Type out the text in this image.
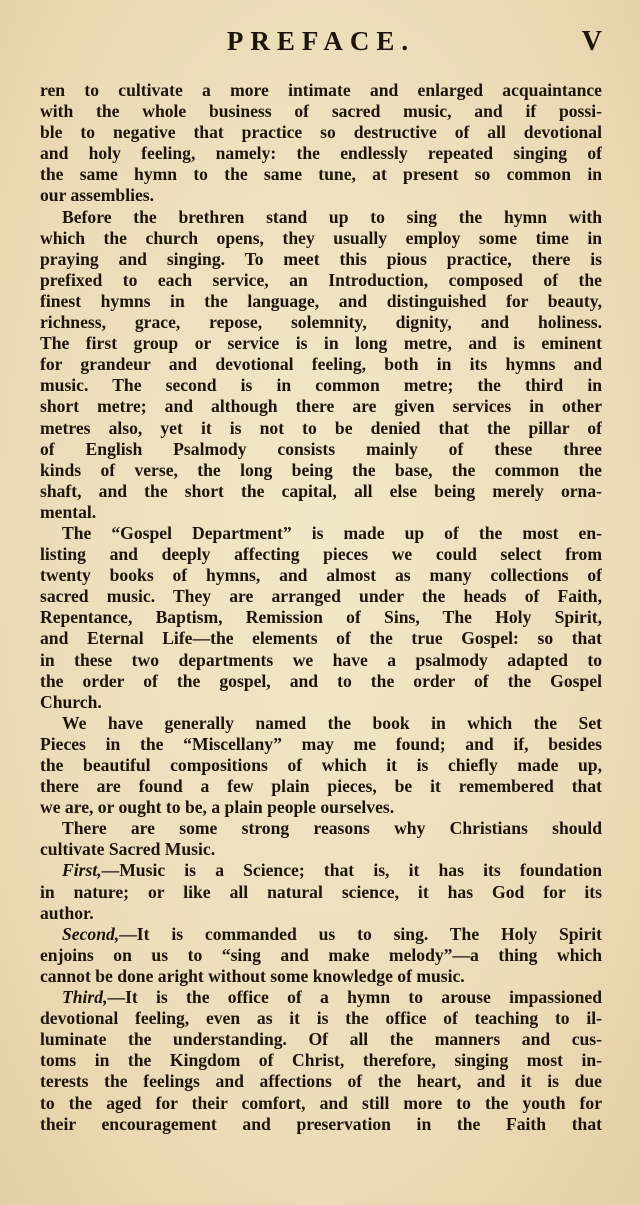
PREFACE.	V
ren to cultivate a more intimate and enlarged acquaintance
with the whole business of sacred music, and if possi-
ble to negative that practice so destructive of all devotional
and holy feeling, namely: the endlessly repeated singing of
the same hymn to the same tune, at present so common in
our assemblies.
Before the brethren stand up to sing the hymn with
which the church opens, they usually employ some time in
praying and singing. To meet this pious practice, there is
prefixed to each service, an Introduction, composed of the
finest hymns in the language, and distinguished for beauty,
richness, grace, repose, solemnity, dignity, and holiness.
The first group or service is in long metre, and is eminent
for grandeur and devotional feeling, both in its hymns and
music. The second is in common metre; the third in
short metre; and although there are given services in other
metres also, yet it is not to be denied that the pillar of
of English Psalmody consists mainly of these three
kinds of verse, the long being the base, the common the
shaft, and the short the capital, all else being merely orna-
mental.
The “Gospel Department” is made up of the most en-
listing and deeply affecting pieces we could select from
twenty books of hymns, and almost as many collections of
sacred music. They are arranged under the heads of Faith,
Repentance, Baptism, Remission of Sins, The Holy Spirit,
and Eternal Life—the elements of the true Gospel: so that
in these two departments we have a psalmody adapted to
the order of the gospel, and to the order of the Gospel
Church.
We have generally named the book in which the Set
Pieces in the “Miscellany” may me found; and if, besides
the beautiful compositions of which it is chiefly made up,
there are found a few plain pieces, be it remembered that
we are, or ought to be, a plain people ourselves.
There are some strong reasons why Christians should
cultivate Sacred Music.
First,—Music is a Science; that is, it has its foundation
in nature; or like all natural science, it has God for its
author.
Second,—It is commanded us to sing. The Holy Spirit
enjoins on us to “sing and make melody”—a thing which
cannot be done aright without some knowledge of music.
Third,—It is the office of a hymn to arouse impassioned
devotional feeling, even as it is the office of teaching to il-
luminate the understanding. Of all the manners and cus-
toms in the Kingdom of Christ, therefore, singing most in-
terests the feelings and affections of the heart, and it is due
to the aged for their comfort, and still more to the youth for
their encouragement and preservation in the Faith that
